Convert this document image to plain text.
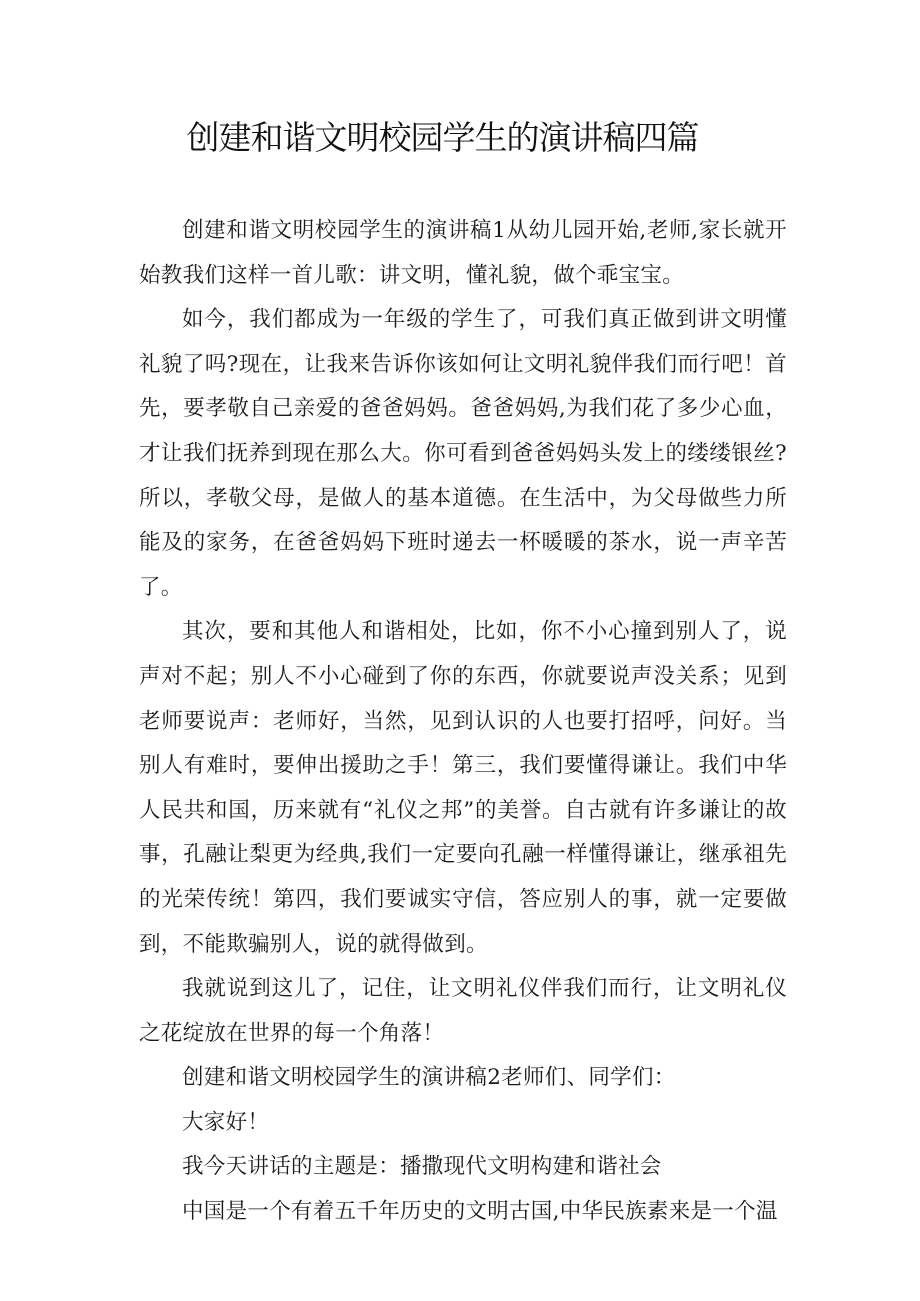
创建和谐文明校园学生的演讲稿四篇

创建和谐文明校园学生的演讲稿1从幼儿园开始,老师,家长就开始教我们这样一首儿歌：讲文明，懂礼貌，做个乖宝宝。

如今，我们都成为一年级的学生了，可我们真正做到讲文明懂礼貌了吗?现在，让我来告诉你该如何让文明礼貌伴我们而行吧！首先，要孝敬自己亲爱的爸爸妈妈。爸爸妈妈,为我们花了多少心血，才让我们抚养到现在那么大。你可看到爸爸妈妈头发上的缕缕银丝?所以，孝敬父母，是做人的基本道德。在生活中，为父母做些力所能及的家务，在爸爸妈妈下班时递去一杯暖暖的茶水，说一声辛苦了。

其次，要和其他人和谐相处，比如，你不小心撞到别人了，说声对不起；别人不小心碰到了你的东西，你就要说声没关系；见到老师要说声：老师好，当然，见到认识的人也要打招呼，问好。当别人有难时，要伸出援助之手！第三，我们要懂得谦让。我们中华人民共和国，历来就有“礼仪之邦”的美誉。自古就有许多谦让的故事，孔融让梨更为经典,我们一定要向孔融一样懂得谦让，继承祖先的光荣传统！第四，我们要诚实守信，答应别人的事，就一定要做到，不能欺骗别人，说的就得做到。

我就说到这儿了，记住，让文明礼仪伴我们而行，让文明礼仪之花绽放在世界的每一个角落！

创建和谐文明校园学生的演讲稿2老师们、同学们：

大家好！

我今天讲话的主题是：播撒现代文明构建和谐社会

中国是一个有着五千年历史的文明古国,中华民族素来是一个温
